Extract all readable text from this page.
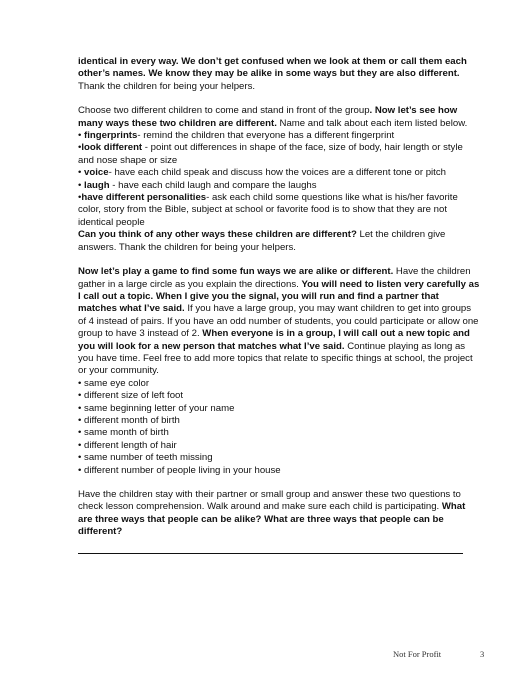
identical in every way. We don’t get confused when we look at them or call them each other’s names. We know they may be alike in some ways but they are also different. Thank the children for being your helpers.

Choose two different children to come and stand in front of the group. Now let’s see how many ways these two children are different. Name and talk about each item listed below.

• fingerprints- remind the children that everyone has a different fingerprint

•look different - point out differences in shape of the face, size of body, hair length or style and nose shape or size

• voice- have each child speak and discuss how the voices are a different tone or pitch

• laugh - have each child laugh and compare the laughs

•have different personalities- ask each child some questions like what is his/her favorite color, story from the Bible, subject at school or favorite food is to show that they are not identical people

Can you think of any other ways these children are different? Let the children give answers. Thank the children for being your helpers.

Now let’s play a game to find some fun ways we are alike or different. Have the children gather in a large circle as you explain the directions. You will need to listen very carefully as I call out a topic. When I give you the signal, you will run and find a partner that matches what I’ve said. If you have a large group, you may want children to get into groups of 4 instead of pairs. If you have an odd number of students, you could participate or allow one group to have 3 instead of 2. When everyone is in a group, I will call out a new topic and you will look for a new person that matches what I’ve said. Continue playing as long as you have time. Feel free to add more topics that relate to specific things at school, the project or your community.

• same eye color

• different size of left foot

• same beginning letter of your name

• different month of birth

• same month of birth

• different length of hair

• same number of teeth missing

• different number of people living in your house

Have the children stay with their partner or small group and answer these two questions to check lesson comprehension. Walk around and make sure each child is participating. What are three ways that people can be alike? What are three ways that people can be different?

Not For Profit	3
